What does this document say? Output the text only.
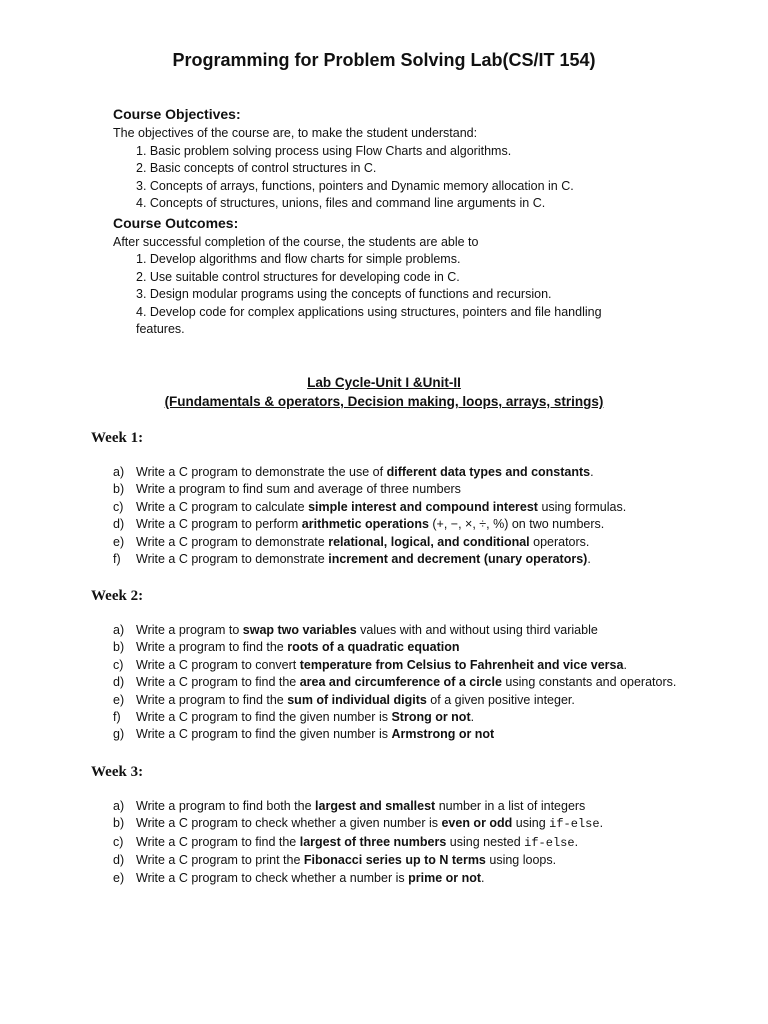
Programming for Problem Solving Lab(CS/IT 154)

Course Objectives:

The objectives of the course are, to make the student understand:

1. Basic problem solving process using Flow Charts and algorithms.
2. Basic concepts of control structures in C.
3. Concepts of arrays, functions, pointers and Dynamic memory allocation in C.
4. Concepts of structures, unions, files and command line arguments in C.

Course Outcomes:

After successful completion of the course, the students are able to

1. Develop algorithms and flow charts for simple problems.
2. Use suitable control structures for developing code in C.
3. Design modular programs using the concepts of functions and recursion.
4. Develop code for complex applications using structures, pointers and file handling
features.
Lab Cycle-Unit I &Unit-II
(Fundamentals & operators, Decision making, loops, arrays, strings)
Week 1:
a) Write a C program to demonstrate the use of different data types and constants.
b) Write a program to find sum and average of three numbers
c) Write a C program to calculate simple interest and compound interest using formulas.
d) Write a C program to perform arithmetic operations (+, −, ×, ÷, %) on two numbers.
e) Write a C program to demonstrate relational, logical, and conditional operators.
f) Write a C program to demonstrate increment and decrement (unary operators).
Week 2:
a) Write a program to swap two variables values with and without using third variable
b) Write a program to find the roots of a quadratic equation
c) Write a C program to convert temperature from Celsius to Fahrenheit and vice versa.
d) Write a C program to find the area and circumference of a circle using constants and operators.
e) Write a program to find the sum of individual digits of a given positive integer.
f) Write a C program to find the given number is Strong or not.
g) Write a C program to find the given number is Armstrong or not
Week 3:
a) Write a program to find both the largest and smallest number in a list of integers
b) Write a C program to check whether a given number is even or odd using if-else.
c) Write a C program to find the largest of three numbers using nested if-else.
d) Write a C program to print the Fibonacci series up to N terms using loops.
e) Write a C program to check whether a number is prime or not.
